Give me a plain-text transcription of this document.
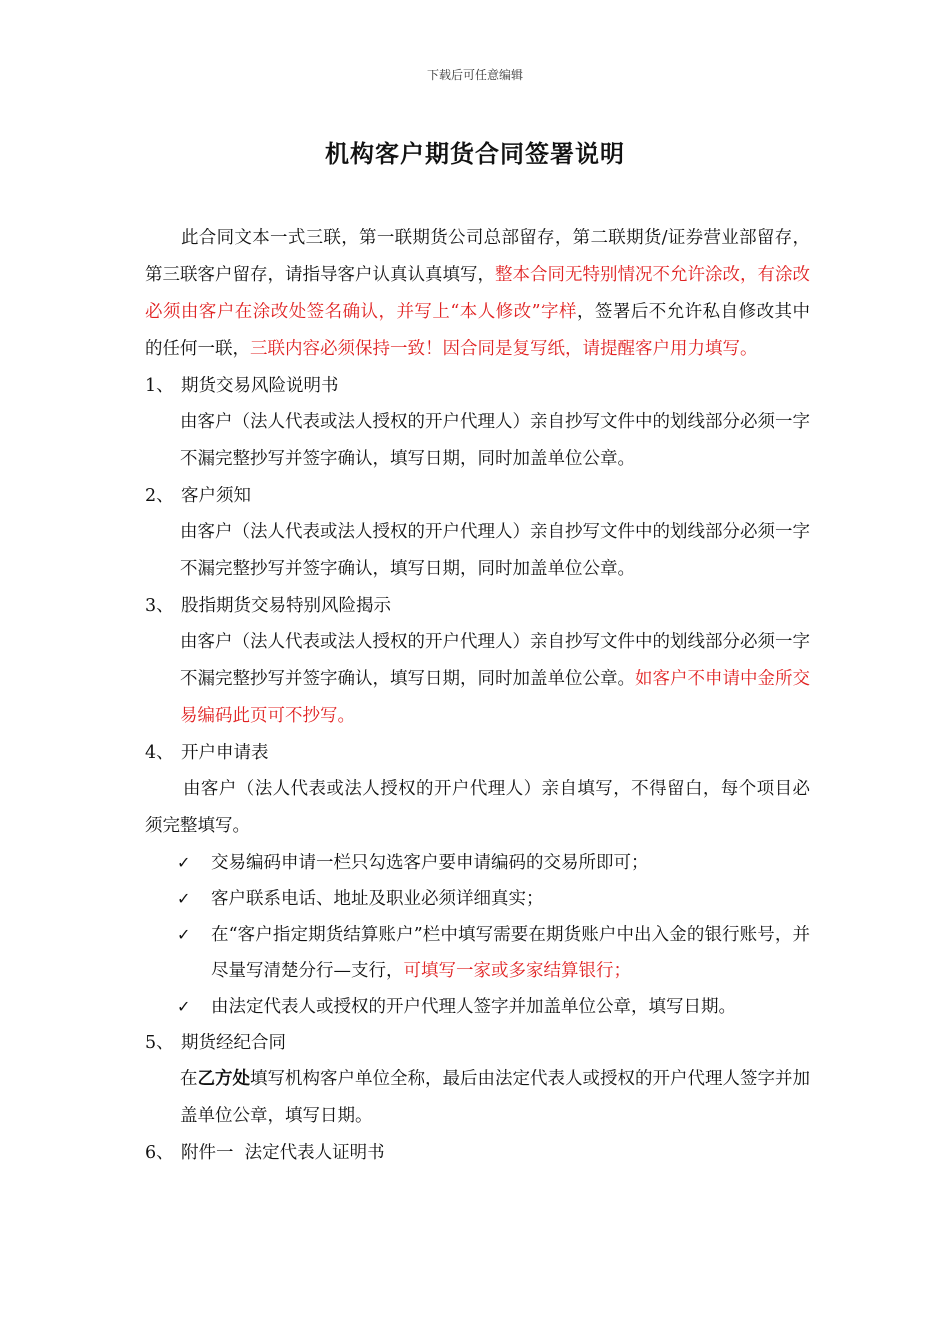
下载后可任意编辑
机构客户期货合同签署说明

此合同文本一式三联，第一联期货公司总部留存，第二联期货/证券营业部留存，第三联客户留存，请指导客户认真认真填写，整本合同无特别情况不允许涂改，有涂改必须由客户在涂改处签名确认，并写上“本人修改”字样，签署后不允许私自修改其中的任何一联，三联内容必须保持一致！因合同是复写纸，请提醒客户用力填写。

1、 期货交易风险说明书
由客户（法人代表或法人授权的开户代理人）亲自抄写文件中的划线部分必须一字不漏完整抄写并签字确认，填写日期，同时加盖单位公章。
2、 客户须知
由客户（法人代表或法人授权的开户代理人）亲自抄写文件中的划线部分必须一字不漏完整抄写并签字确认，填写日期，同时加盖单位公章。
3、 股指期货交易特别风险揭示
由客户（法人代表或法人授权的开户代理人）亲自抄写文件中的划线部分必须一字不漏完整抄写并签字确认，填写日期，同时加盖单位公章。如客户不申请中金所交易编码此页可不抄写。
4、 开户申请表
由客户（法人代表或法人授权的开户代理人）亲自填写，不得留白，每个项目必须完整填写。
✓	交易编码申请一栏只勾选客户要申请编码的交易所即可；
✓	客户联系电话、地址及职业必须详细真实；
✓	在“客户指定期货结算账户”栏中填写需要在期货账户中出入金的银行账号，并尽量写清楚分行—支行，可填写一家或多家结算银行；
✓	由法定代表人或授权的开户代理人签字并加盖单位公章，填写日期。
5、 期货经纪合同
在乙方处填写机构客户单位全称，最后由法定代表人或授权的开户代理人签字并加盖单位公章，填写日期。
6、 附件一  法定代表人证明书
